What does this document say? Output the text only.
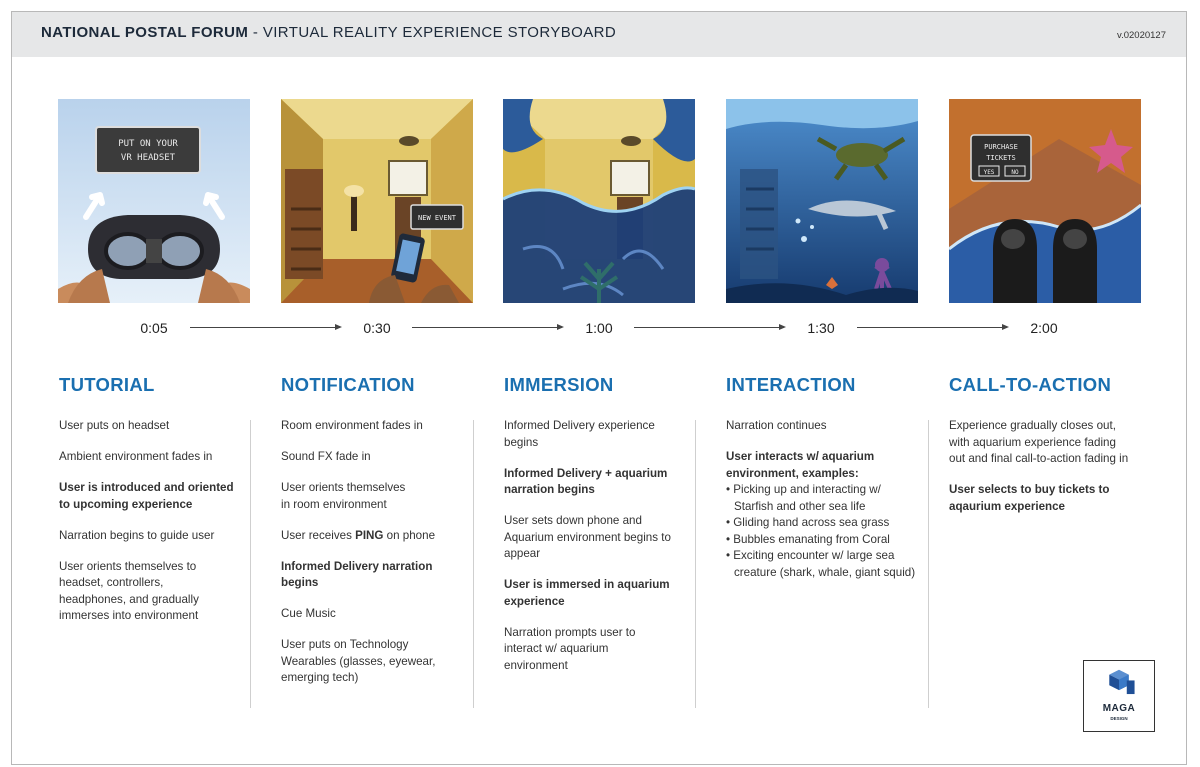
NATIONAL POSTAL FORUM - VIRTUAL REALITY EXPERIENCE STORYBOARD	v.02020127
PUT ON YOUR
VR HEADSET
NEW EVENT
PURCHASE
TICKETS
YES	NO
0:05	0:30	1:00	1:30	2:00
TUTORIAL	NOTIFICATION	IMMERSION	INTERACTION	CALL-TO-ACTION

User puts on headset

Ambient environment fades in

User is introduced and oriented to upcoming experience

Narration begins to guide user

User orients themselves to headset, controllers, headphones, and gradually immerses into environment

Room environment fades in

Sound FX fade in

User orients themselves in room environment

User receives PING on phone

Informed Delivery narration begins

Cue Music

User puts on Technology Wearables (glasses, eyewear, emerging tech)

Informed Delivery experience begins

Informed Delivery + aquarium narration begins

User sets down phone and Aquarium environment begins to appear

User is immersed in aquarium experience

Narration prompts user to interact w/ aquarium environment

Narration continues

User interacts w/ aquarium environment, examples:

• Picking up and interacting w/ Starfish and other sea life
• Gliding hand across sea grass
• Bubbles emanating from Coral
• Exciting encounter w/ large sea creature (shark, whale, giant squid)

Experience gradually closes out, with aquarium experience fading out and final call-to-action fading in

User selects to buy tickets to aqaurium experience

MAGA
DESIGN
